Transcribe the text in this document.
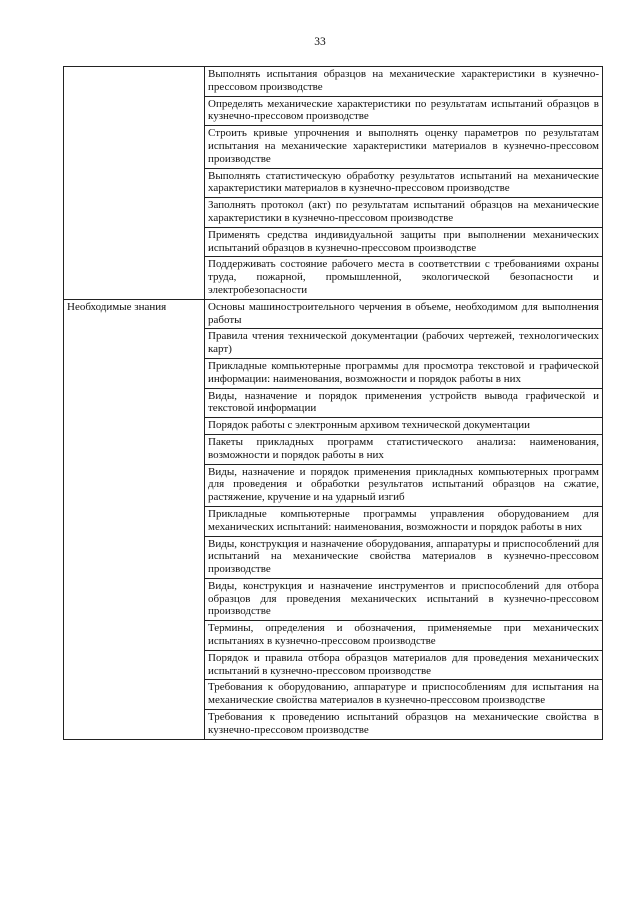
33
	Выполнять испытания образцов на механические характеристики в кузнечно-прессовом производстве
	Определять механические характеристики по результатам испытаний образцов в кузнечно-прессовом производстве
	Строить кривые упрочнения и выполнять оценку параметров по результатам испытания на механические характеристики материалов в кузнечно-прессовом производстве
	Выполнять статистическую обработку результатов испытаний на механические характеристики материалов в кузнечно-прессовом производстве
	Заполнять протокол (акт) по результатам испытаний образцов на механические характеристики в кузнечно-прессовом производстве
	Применять средства индивидуальной защиты при выполнении механических испытаний образцов в кузнечно-прессовом производстве
	Поддерживать состояние рабочего места в соответствии с требованиями охраны труда, пожарной, промышленной, экологической безопасности и электробезопасности
Необходимые знания	Основы машиностроительного черчения в объеме, необходимом для выполнения работы
	Правила чтения технической документации (рабочих чертежей, технологических карт)
	Прикладные компьютерные программы для просмотра текстовой и графической информации: наименования, возможности и порядок работы в них
	Виды, назначение и порядок применения устройств вывода графической и текстовой информации
	Порядок работы с электронным архивом технической документации
	Пакеты прикладных программ статистического анализа: наименования, возможности и порядок работы в них
	Виды, назначение и порядок применения прикладных компьютерных программ для проведения и обработки результатов испытаний образцов на сжатие, растяжение, кручение и на ударный изгиб
	Прикладные компьютерные программы управления оборудованием для механических испытаний: наименования, возможности и порядок работы в них
	Виды, конструкция и назначение оборудования, аппаратуры и приспособлений для испытаний на механические свойства материалов в кузнечно-прессовом производстве
	Виды, конструкция и назначение инструментов и приспособлений для отбора образцов для проведения механических испытаний в кузнечно-прессовом производстве
	Термины, определения и обозначения, применяемые при механических испытаниях в кузнечно-прессовом производстве
	Порядок и правила отбора образцов материалов для проведения механических испытаний в кузнечно-прессовом производстве
	Требования к оборудованию, аппаратуре и приспособлениям для испытания на механические свойства материалов в кузнечно-прессовом производстве
	Требования к проведению испытаний образцов на механические свойства в кузнечно-прессовом производстве
